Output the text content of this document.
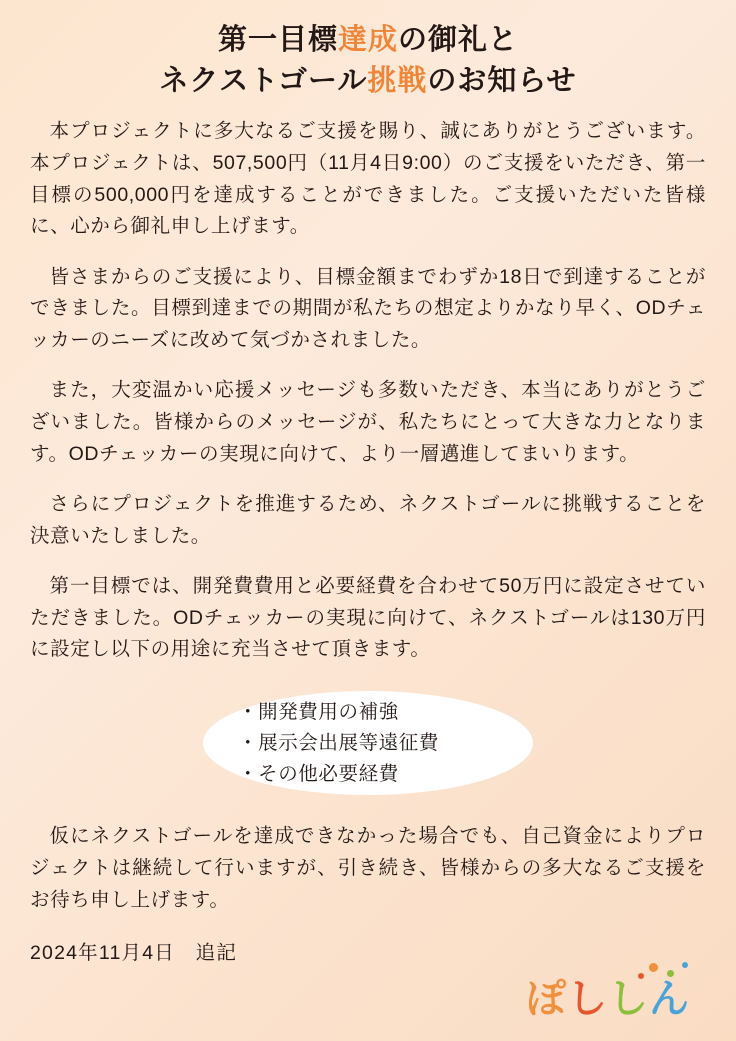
第一目標達成の御礼と
ネクストゴール挑戦のお知らせ

本プロジェクトに多大なるご支援を賜り、誠にありがとうございます。本プロジェクトは、507,500円（11月4日9:00）のご支援をいただき、第一目標の500,000円を達成することができました。ご支援いただいた皆様に、心から御礼申し上げます。

皆さまからのご支援により、目標金額までわずか18日で到達することができました。目標到達までの期間が私たちの想定よりかなり早く、ODチェッカーのニーズに改めて気づかされました。

また，大変温かい応援メッセージも多数いただき、本当にありがとうございました。皆様からのメッセージが、私たちにとって大きな力となります。ODチェッカーの実現に向けて、より一層邁進してまいります。

さらにプロジェクトを推進するため、ネクストゴールに挑戦することを決意いたしました。

第一目標では、開発費費用と必要経費を合わせて50万円に設定させていただきました。ODチェッカーの実現に向けて、ネクストゴールは130万円に設定し以下の用途に充当させて頂きます。

・開発費用の補強
・展示会出展等遠征費
・その他必要経費

仮にネクストゴールを達成できなかった場合でも、自己資金によりプロジェクトは継続して行いますが、引き続き、皆様からの多大なるご支援をお待ち申し上げます。

2024年11月4日　追記
ぽししん
